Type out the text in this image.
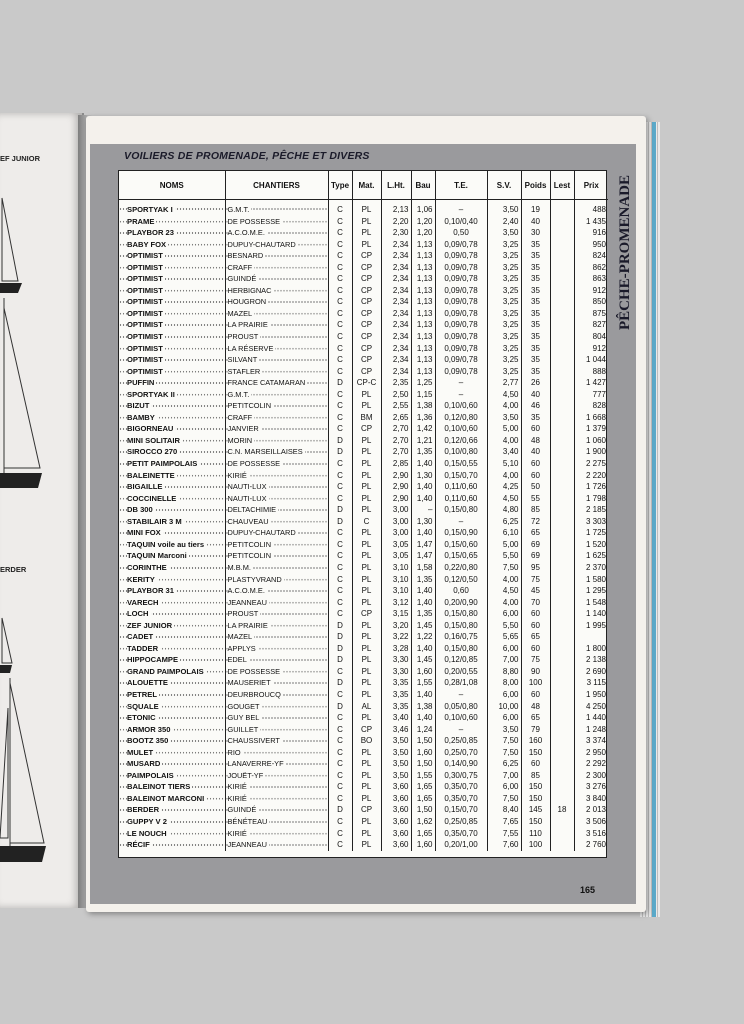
EF JUNIOR
ERDER
VOILIERS DE PROMENADE, PÊCHE ET DIVERS
PÊCHE-PROMENADE
NOMS	CHANTIERS	Type	Mat.	L.Ht.	Bau	T.E.	S.V.	Poids	Lest	Prix
SPORTYAK I	G.M.T.	C	PL	2,13	1,06	–	3,50	19		488
PRAME	DE POSSESSE	C	PL	2,20	1,20	0,10/0,40	2,40	40		1 435
PLAYBOR 23	A.C.O.M.E.	C	PL	2,30	1,20	0,50	3,50	30		916
BABY FOX	DUPUY-CHAUTARD	C	PL	2,34	1,13	0,09/0,78	3,25	35		950
OPTIMIST	BESNARD	C	CP	2,34	1,13	0,09/0,78	3,25	35		824
OPTIMIST	CRAFF	C	CP	2,34	1,13	0,09/0,78	3,25	35		862
OPTIMIST	GUINDÉ	C	CP	2,34	1,13	0,09/0,78	3,25	35		863
OPTIMIST	HERBIGNAC	C	CP	2,34	1,13	0,09/0,78	3,25	35		912
OPTIMIST	HOUGRON	C	CP	2,34	1,13	0,09/0,78	3,25	35		850
OPTIMIST	MAZEL	C	CP	2,34	1,13	0,09/0,78	3,25	35		875
OPTIMIST	LA PRAIRIE	C	CP	2,34	1,13	0,09/0,78	3,25	35		827
OPTIMIST	PROUST	C	CP	2,34	1,13	0,09/0,78	3,25	35		804
OPTIMIST	LA RÉSERVE	C	CP	2,34	1,13	0,09/0,78	3,25	35		912
OPTIMIST	SILVANT	C	CP	2,34	1,13	0,09/0,78	3,25	35		1 044
OPTIMIST	STAFLER	C	CP	2,34	1,13	0,09/0,78	3,25	35		888
PUFFIN	FRANCE CATAMARAN	D	CP-C	2,35	1,25	–	2,77	26		1 427
SPORTYAK II	G.M.T.	C	PL	2,50	1,15	–	4,50	40		777
BIZUT	PETITCOLIN	C	PL	2,55	1,38	0,10/0,60	4,00	46		828
BAMBY	CRAFF	C	BM	2,65	1,36	0,12/0,80	3,50	35		1 668
BIGORNEAU	JANVIER	C	CP	2,70	1,42	0,10/0,60	5,00	60		1 379
MINI SOLITAIR	MORIN	D	PL	2,70	1,21	0,12/0,66	4,00	48		1 060
SIROCCO 270	C.N. MARSEILLAISES	D	PL	2,70	1,35	0,10/0,80	3,40	40		1 900
PETIT PAIMPOLAIS	DE POSSESSE	C	PL	2,85	1,40	0,15/0,55	5,10	60		2 275
BALEINETTE	KIRIÉ	C	PL	2,90	1,30	0,15/0,70	4,00	60		2 220
BIGAILLE	NAUTI-LUX	C	PL	2,90	1,40	0,11/0,60	4,25	50		1 726
COCCINELLE	NAUTI-LUX	C	PL	2,90	1,40	0,11/0,60	4,50	55		1 798
DB 300	DELTACHIMIE	D	PL	3,00	–	0,15/0,80	4,80	85		2 185
STABILAIR 3 M	CHAUVEAU	D	C	3,00	1,30	–	6,25	72		3 303
MINI FOX	DUPUY-CHAUTARD	C	PL	3,00	1,40	0,15/0,90	6,10	65		1 725
TAQUIN voile au tiers	PETITCOLIN	C	PL	3,05	1,47	0,15/0,60	5,00	69		1 520
TAQUIN Marconi	PETITCOLIN	C	PL	3,05	1,47	0,15/0,65	5,50	69		1 625
CORINTHE	M.B.M.	C	PL	3,10	1,58	0,22/0,80	7,50	95		2 370
KERITY	PLASTYVRAND	C	PL	3,10	1,35	0,12/0,50	4,00	75		1 580
PLAYBOR 31	A.C.O.M.E.	C	PL	3,10	1,40	0,60	4,50	45		1 295
VARECH	JEANNEAU	C	PL	3,12	1,40	0,20/0,90	4,00	70		1 548
LOCH	PROUST	C	CP	3,15	1,35	0,15/0,80	6,00	60		1 140
ZEF JUNIOR	LA PRAIRIE	D	PL	3,20	1,45	0,15/0,80	5,50	60		1 995
CADET	MAZEL	D	PL	3,22	1,22	0,16/0,75	5,65	65		
TADDER	APPLYS	D	PL	3,28	1,40	0,15/0,80	6,00	60		1 800
HIPPOCAMPE	EDEL	D	PL	3,30	1,45	0,12/0,85	7,00	75		2 138
GRAND PAIMPOLAIS	DE POSSESSE	C	PL	3,30	1,60	0,20/0,55	8,80	90		2 690
ALOUETTE	MAUSERIET	D	PL	3,35	1,55	0,28/1,08	8,00	100		3 115
PETREL	DEURBROUCQ	C	PL	3,35	1,40	–	6,00	60		1 950
SQUALE	GOUGET	D	AL	3,35	1,38	0,05/0,80	10,00	48		4 250
ETONIC	GUY BEL	C	PL	3,40	1,40	0,10/0,60	6,00	65		1 440
ARMOR 350	GUILLET	C	CP	3,46	1,24	–	3,50	79		1 248
BOOTZ 350	CHAUSSIVERT	C	BO	3,50	1,50	0,25/0,85	7,50	160		3 374
MULET	RIO	C	PL	3,50	1,60	0,25/0,70	7,50	150		2 950
MUSARD	LANAVERRE-YF	C	PL	3,50	1,50	0,14/0,90	6,25	60		2 292
PAIMPOLAIS	JOUËT-YF	C	PL	3,50	1,55	0,30/0,75	7,00	85		2 300
BALEINOT TIERS	KIRIÉ	C	PL	3,60	1,65	0,35/0,70	6,00	150		3 276
BALEINOT MARCONI	KIRIÉ	C	PL	3,60	1,65	0,35/0,70	7,50	150		3 840
BERDER	GUINDÉ	D	CP	3,60	1,50	0,15/0,70	8,40	145	18	2 013
GUPPY V 2	BÉNÉTEAU	C	PL	3,60	1,62	0,25/0,85	7,65	150		3 506
LE NOUCH	KIRIÉ	C	PL	3,60	1,65	0,35/0,70	7,55	110		3 516
RÉCIF	JEANNEAU	C	PL	3,60	1,60	0,20/1,00	7,60	100		2 760
165
